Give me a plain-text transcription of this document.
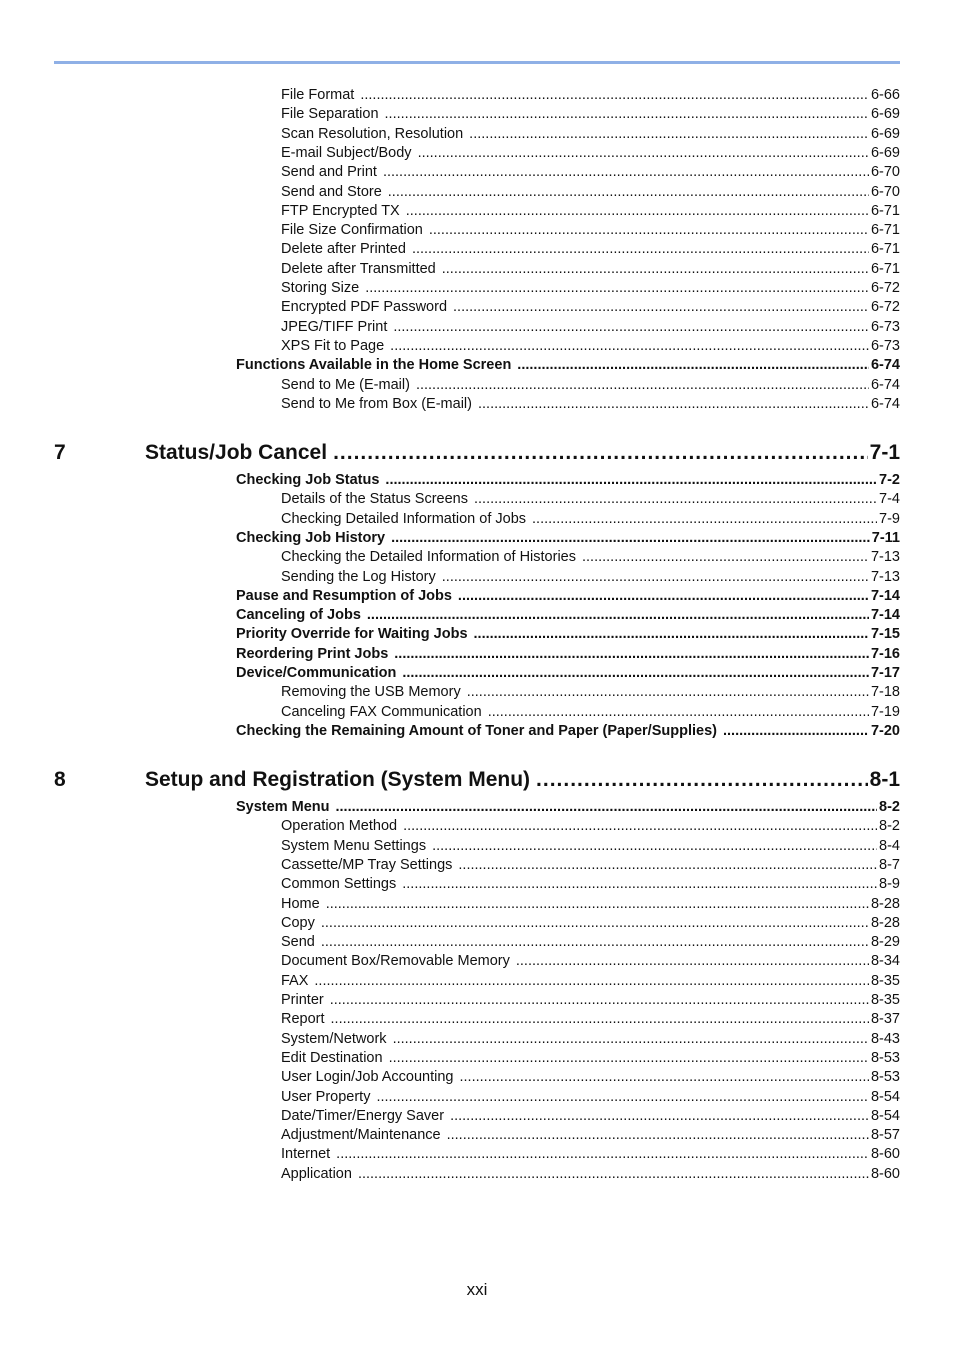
File Format .....	6-66
File Separation .....	6-69
Scan Resolution, Resolution .....	6-69
E-mail Subject/Body .....	6-69
Send and Print .....	6-70
Send and Store .....	6-70
FTP Encrypted TX .....	6-71
File Size Confirmation .....	6-71
Delete after Printed .....	6-71
Delete after Transmitted .....	6-71
Storing Size .....	6-72
Encrypted PDF Password .....	6-72
JPEG/TIFF Print .....	6-73
XPS Fit to Page .....	6-73
Functions Available in the Home Screen .....	6-74
Send to Me (E-mail) .....	6-74
Send to Me from Box (E-mail) .....	6-74
7	Status/Job Cancel .....	7-1
Checking Job Status .....	7-2
Details of the Status Screens .....	7-4
Checking Detailed Information of Jobs .....	7-9
Checking Job History .....	7-11
Checking the Detailed Information of Histories .....	7-13
Sending the Log History .....	7-13
Pause and Resumption of Jobs .....	7-14
Canceling of Jobs .....	7-14
Priority Override for Waiting Jobs .....	7-15
Reordering Print Jobs .....	7-16
Device/Communication .....	7-17
Removing the USB Memory .....	7-18
Canceling FAX Communication .....	7-19
Checking the Remaining Amount of Toner and Paper (Paper/Supplies) .....	7-20
8	Setup and Registration (System Menu) .....	8-1
System Menu .....	8-2
Operation Method .....	8-2
System Menu Settings .....	8-4
Cassette/MP Tray Settings .....	8-7
Common Settings .....	8-9
Home .....	8-28
Copy .....	8-28
Send .....	8-29
Document Box/Removable Memory .....	8-34
FAX .....	8-35
Printer .....	8-35
Report .....	8-37
System/Network .....	8-43
Edit Destination .....	8-53
User Login/Job Accounting .....	8-53
User Property .....	8-54
Date/Timer/Energy Saver .....	8-54
Adjustment/Maintenance .....	8-57
Internet .....	8-60
Application .....	8-60
xxi
